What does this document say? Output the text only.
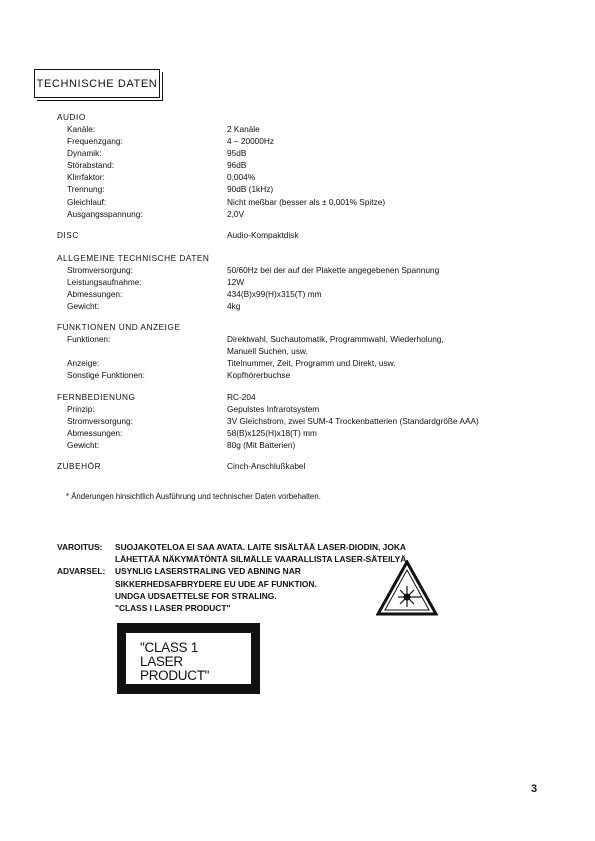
TECHNISCHE DATEN
AUDIO
Kanäle:	2 Kanäle
Frequenzgang:	4 – 20000Hz
Dynamik:	95dB
Störabstand:	96dB
Klirrfaktor:	0,004%
Trennung:	90dB (1kHz)
Gleichlauf:	Nicht meßbar (besser als ± 0,001% Spitze)
Ausgangsspannung:	2,0V
DISC	Audio-Kompaktdisk
ALLGEMEINE TECHNISCHE DATEN
Stromversorgung:	50/60Hz bei der auf der Plakette angegebenen Spannung
Leistungsaufnahme:	12W
Abmessungen:	434(B)x99(H)x315(T) mm
Gewicht:	4kg
FUNKTIONEN UND ANZEIGE
Funktionen:	Direktwahl, Suchautomatik, Programmwahl, Wiederholung,
Manuell Suchen, usw.
Anzeige:	Titelnummer, Zeit, Programm und Direkt, usw.
Sonstige Funktionen:	Kopfhörerbuchse
FERNBEDIENUNG	RC-204
Prinzip:	Gepulstes Infrarotsystem
Stromversorgung:	3V Gleichstrom, zwei SUM-4 Trockenbatterien (Standardgröße AAA)
Abmessungen:	58(B)x125(H)x18(T) mm
Gewicht:	80g (Mit Batterien)
ZUBEHÖR	Cinch-Anschlußkabel
* Änderungen hinsichtlich Ausführung und technischer Daten vorbehalten.
VAROITUS:	SUOJAKOTELOA EI SAA AVATA. LAITE SISÄLTÄÄ LASER-DIODIN, JOKA
LÄHETTÄÄ NÄKYMÄTÖNTÄ SILMÄLLE VAARALLISTA LASER-SÄTEILYÄ.
ADVARSEL:	USYNLIG LASERSTRALING VED ABNING NAR
SIKKERHEDSAFBRYDERE EU UDE AF FUNKTION.
UNDGA UDSAETTELSE FOR STRALING.
"CLASS I LASER PRODUCT"
"CLASS 1
LASER PRODUCT"
3
